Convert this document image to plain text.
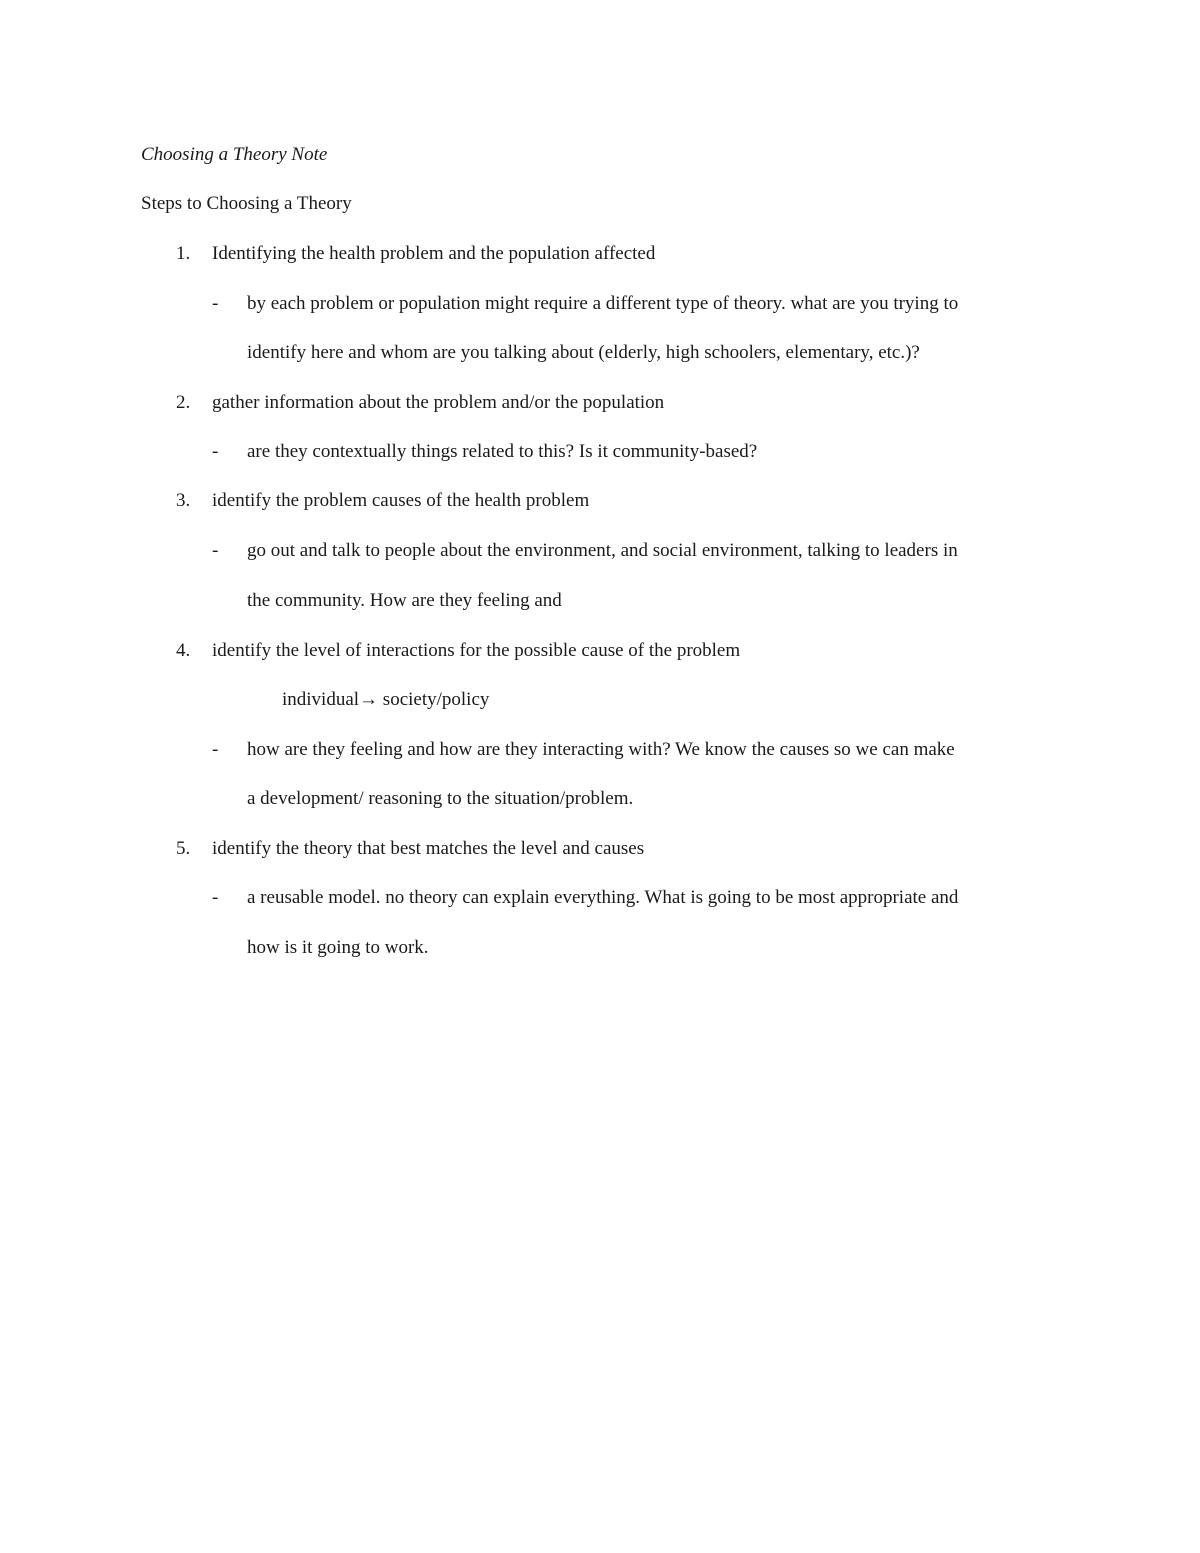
Choosing a Theory Note
Steps to Choosing a Theory
1. Identifying the health problem and the population affected
- by each problem or population might require a different type of theory. what are you trying to
identify here and whom are you talking about (elderly, high schoolers, elementary, etc.)?
2. gather information about the problem and/or the population
- are they contextually things related to this? Is it community-based?
3. identify the problem causes of the health problem
- go out and talk to people about the environment, and social environment, talking to leaders in
the community. How are they feeling and
4. identify the level of interactions for the possible cause of the problem
individual→ society/policy
- how are they feeling and how are they interacting with? We know the causes so we can make
a development/ reasoning to the situation/problem.
5. identify the theory that best matches the level and causes
- a reusable model. no theory can explain everything. What is going to be most appropriate and
how is it going to work.
